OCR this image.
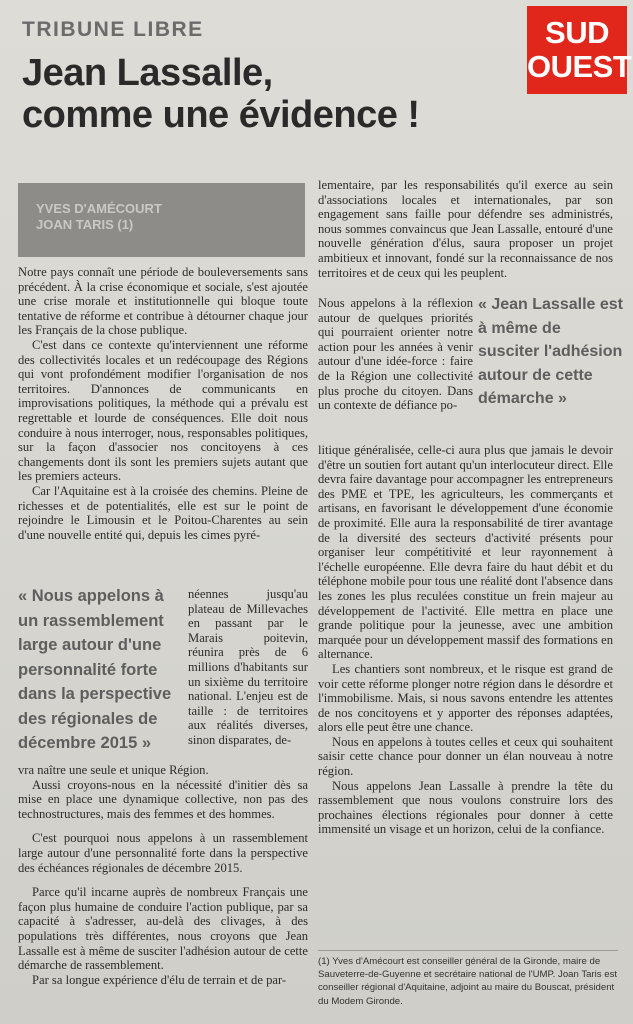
TRIBUNE LIBRE
Jean Lassalle,
comme une évidence !
SUD
OUEST
YVES D'AMÉCOURT
JOAN TARIS (1)

Notre pays connaît une période de bouleversements sans précédent. À la crise économique et sociale, s'est ajoutée une crise morale et institutionnelle qui bloque toute tentative de réforme et contribue à détourner chaque jour les Français de la chose publique.

C'est dans ce contexte qu'interviennent une réforme des collectivités locales et un redécoupage des Régions qui vont profondément modifier l'organisation de nos territoires. D'annonces de communicants en improvisations politiques, la méthode qui a prévalu est regrettable et lourde de conséquences. Elle doit nous conduire à nous interroger, nous, responsables politiques, sur la façon d'associer nos concitoyens à ces changements dont ils sont les premiers sujets autant que les premiers acteurs.

Car l'Aquitaine est à la croisée des chemins. Pleine de richesses et de potentialités, elle est sur le point de rejoindre le Limousin et le Poitou-Charentes au sein d'une nouvelle entité qui, depuis les cimes pyré-

« Nous appelons à un rassemblement large autour d'une personnalité forte dans la perspective des régionales de décembre 2015 »
néennes jusqu'au plateau de Millevaches en passant par le Marais poitevin, réunira près de 6 millions d'habitants sur un sixième du territoire national. L'enjeu est de taille : de territoires aux réalités diverses, sinon disparates, de-

vra naître une seule et unique Région.

Aussi croyons-nous en la nécessité d'initier dès sa mise en place une dynamique collective, non pas des technostructures, mais des femmes et des hommes.

C'est pourquoi nous appelons à un rassemblement large autour d'une personnalité forte dans la perspective des échéances régionales de décembre 2015.

Parce qu'il incarne auprès de nombreux Français une façon plus humaine de conduire l'action publique, par sa capacité à s'adresser, au-delà des clivages, à des populations très différentes, nous croyons que Jean Lassalle est à même de susciter l'adhésion autour de cette démarche de rassemblement.

Par sa longue expérience d'élu de terrain et de par-

lementaire, par les responsabilités qu'il exerce au sein d'associations locales et internationales, par son engagement sans faille pour défendre ses administrés, nous sommes convaincus que Jean Lassalle, entouré d'une nouvelle génération d'élus, saura proposer un projet ambitieux et innovant, fondé sur la reconnaissance de nos territoires et de ceux qui les peuplent.

Nous appelons à la réflexion autour de quelques priorités qui pourraient orienter notre action pour les années à venir autour d'une idée-force : faire de la Région une collectivité plus proche du citoyen. Dans un contexte de défiance po-
« Jean Lassalle est à même de susciter l'adhésion autour de cette démarche »

litique généralisée, celle-ci aura plus que jamais le devoir d'être un soutien fort autant qu'un interlocuteur direct. Elle devra faire davantage pour accompagner les entrepreneurs des PME et TPE, les agriculteurs, les commerçants et artisans, en favorisant le développement d'une économie de proximité. Elle aura la responsabilité de tirer avantage de la diversité des secteurs d'activité présents pour organiser leur compétitivité et leur rayonnement à l'échelle européenne. Elle devra faire du haut débit et du téléphone mobile pour tous une réalité dont l'absence dans les zones les plus reculées constitue un frein majeur au développement de l'activité. Elle mettra en place une grande politique pour la jeunesse, avec une ambition marquée pour un développement massif des formations en alternance.

Les chantiers sont nombreux, et le risque est grand de voir cette réforme plonger notre région dans le désordre et l'immobilisme. Mais, si nous savons entendre les attentes de nos concitoyens et y apporter des réponses adaptées, alors elle peut être une chance.

Nous en appelons à toutes celles et ceux qui souhaitent saisir cette chance pour donner un élan nouveau à notre région.

Nous appelons Jean Lassalle à prendre la tête du rassemblement que nous voulons construire lors des prochaines élections régionales pour donner à cette immensité un visage et un horizon, celui de la confiance.

(1) Yves d'Amécourt est conseiller général de la Gironde, maire de Sauveterre-de-Guyenne et secrétaire national de l'UMP. Joan Taris est conseiller régional d'Aquitaine, adjoint au maire du Bouscat, président du Modem Gironde.
